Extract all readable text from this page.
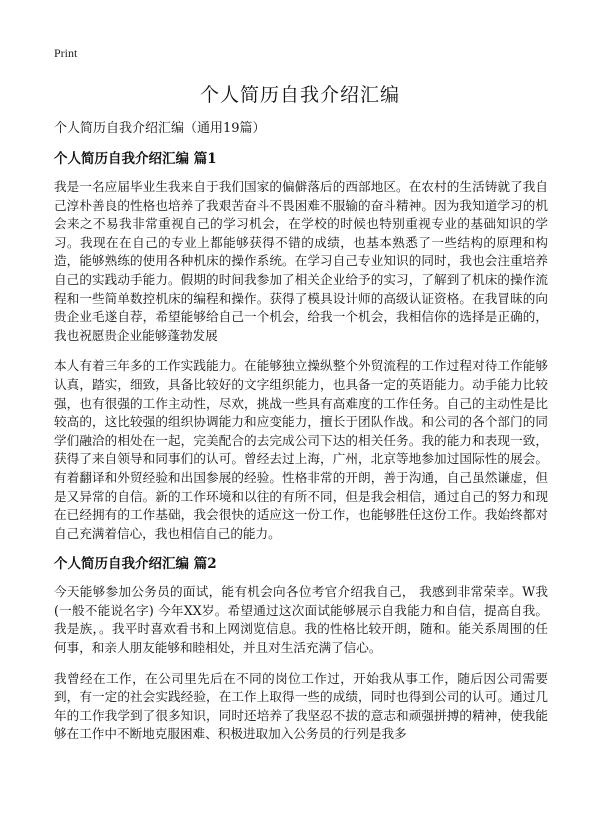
Print
个人简历自我介绍汇编

个人简历自我介绍汇编（通用19篇）

个人简历自我介绍汇编 篇1

我是一名应届毕业生我来自于我们国家的偏僻落后的西部地区。在农村的生活铸就了我自己淳朴善良的性格也培养了我艰苦奋斗不畏困难不服输的奋斗精神。因为我知道学习的机会来之不易我非常重视自己的学习机会，在学校的时候也特别重视专业的基础知识的学习。我现在在自己的专业上都能够获得不错的成绩，也基本熟悉了一些结构的原理和构造，能够熟练的使用各种机床的操作系统。在学习自己专业知识的同时，我也会注重培养自己的实践动手能力。假期的时间我参加了相关企业给予的实习，了解到了机床的操作流程和一些简单数控机床的编程和操作。获得了模具设计师的高级认证资格。在我冒昧的向贵企业毛遂自荐，希望能够给自己一个机会，给我一个机会，我相信你的选择是正确的，我也祝愿贵企业能够蓬勃发展

本人有着三年多的工作实践能力。在能够独立操纵整个外贸流程的工作过程对待工作能够认真，踏实，细致，具备比较好的文字组织能力，也具备一定的英语能力。动手能力比较强，也有很强的工作主动性，尽欢，挑战一些具有高难度的工作任务。自己的主动性是比较高的，这比较强的组织协调能力和应变能力，擅长于团队作战。和公司的各个部门的同学们融洽的相处在一起，完美配合的去完成公司下达的相关任务。我的能力和表现一致，获得了来自领导和同事们的认可。曾经去过上海，广州，北京等地参加过国际性的展会。有着翻译和外贸经验和出国参展的经验。性格非常的开朗，善于沟通，自己虽然谦虚，但是又异常的自信。新的工作环境和以往的有所不同，但是我会相信，通过自己的努力和现在已经拥有的工作基础，我会很快的适应这一份工作，也能够胜任这份工作。我始终都对自己充满着信心，我也相信自己的能力。

个人简历自我介绍汇编 篇2

今天能够参加公务员的面试，能有机会向各位考官介绍我自己， 我感到非常荣幸。W我(一般不能说名字) 今年XX岁。希望通过这次面试能够展示自我能力和自信，提高自我。我是族，。我平时喜欢看书和上网浏览信息。我的性格比较开朗，随和。能关系周围的任何事，和亲人朋友能够和睦相处，并且对生活充满了信心。

我曾经在工作，在公司里先后在不同的岗位工作过，开始我从事工作，随后因公司需要到，有一定的社会实践经验，在工作上取得一些的成绩，同时也得到公司的认可。通过几年的工作我学到了很多知识，同时还培养了我坚忍不拔的意志和顽强拼搏的精神，使我能够在工作中不断地克服困难、积极进取加入公务员的行列是我多
